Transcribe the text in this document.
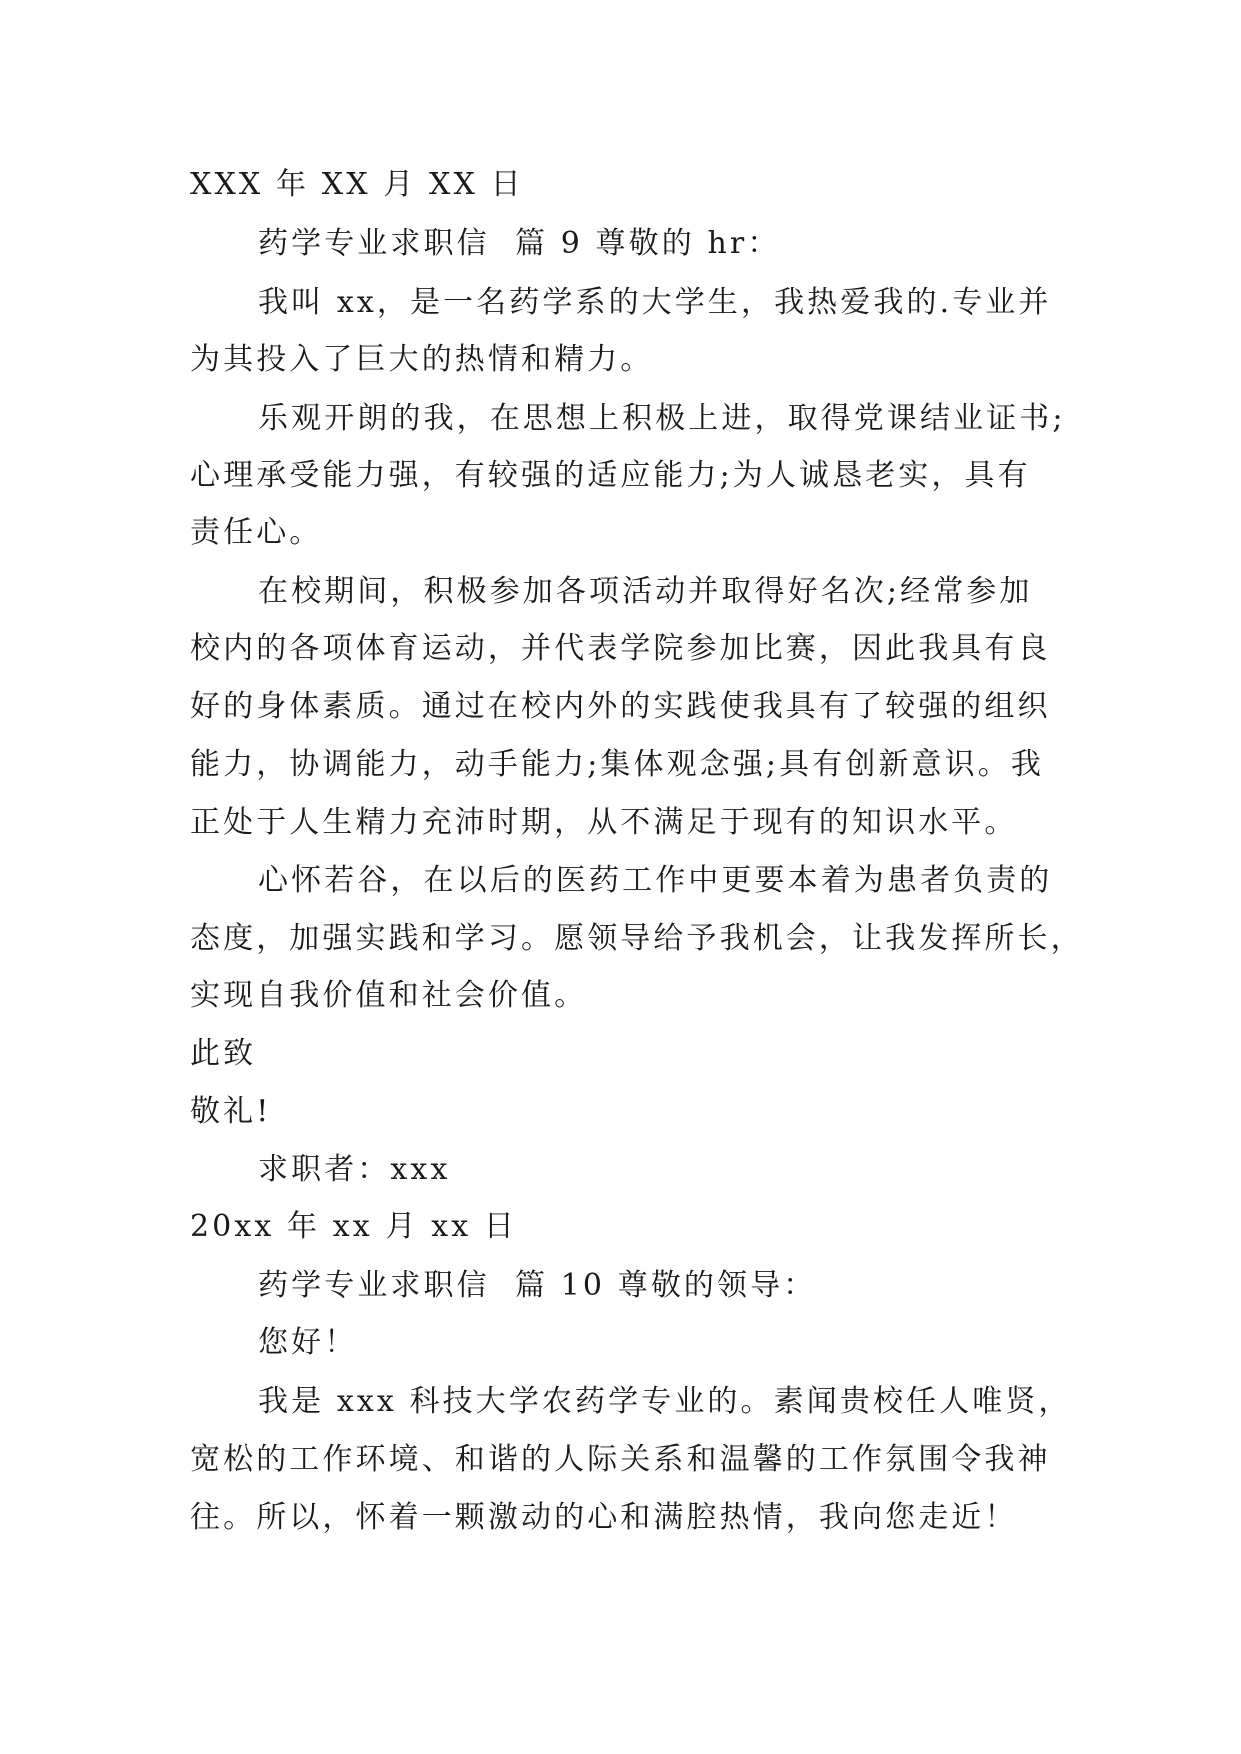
XXX 年 XX 月 XX 日
药学专业求职信  篇 9 尊敬的 hr：
我叫 xx，是一名药学系的大学生，我热爱我的.专业并
为其投入了巨大的热情和精力。
乐观开朗的我，在思想上积极上进，取得党课结业证书;
心理承受能力强，有较强的适应能力;为人诚恳老实，具有
责任心。
在校期间，积极参加各项活动并取得好名次;经常参加
校内的各项体育运动，并代表学院参加比赛，因此我具有良
好的身体素质。通过在校内外的实践使我具有了较强的组织
能力，协调能力，动手能力;集体观念强;具有创新意识。我
正处于人生精力充沛时期，从不满足于现有的知识水平。
心怀若谷，在以后的医药工作中更要本着为患者负责的
态度，加强实践和学习。愿领导给予我机会，让我发挥所长，
实现自我价值和社会价值。
此致
敬礼!
求职者：xxx
20xx 年 xx 月 xx 日
药学专业求职信  篇 10 尊敬的领导：
您好！
我是 xxx 科技大学农药学专业的。素闻贵校任人唯贤，
宽松的工作环境、和谐的人际关系和温馨的工作氛围令我神
往。所以，怀着一颗激动的心和满腔热情，我向您走近！
